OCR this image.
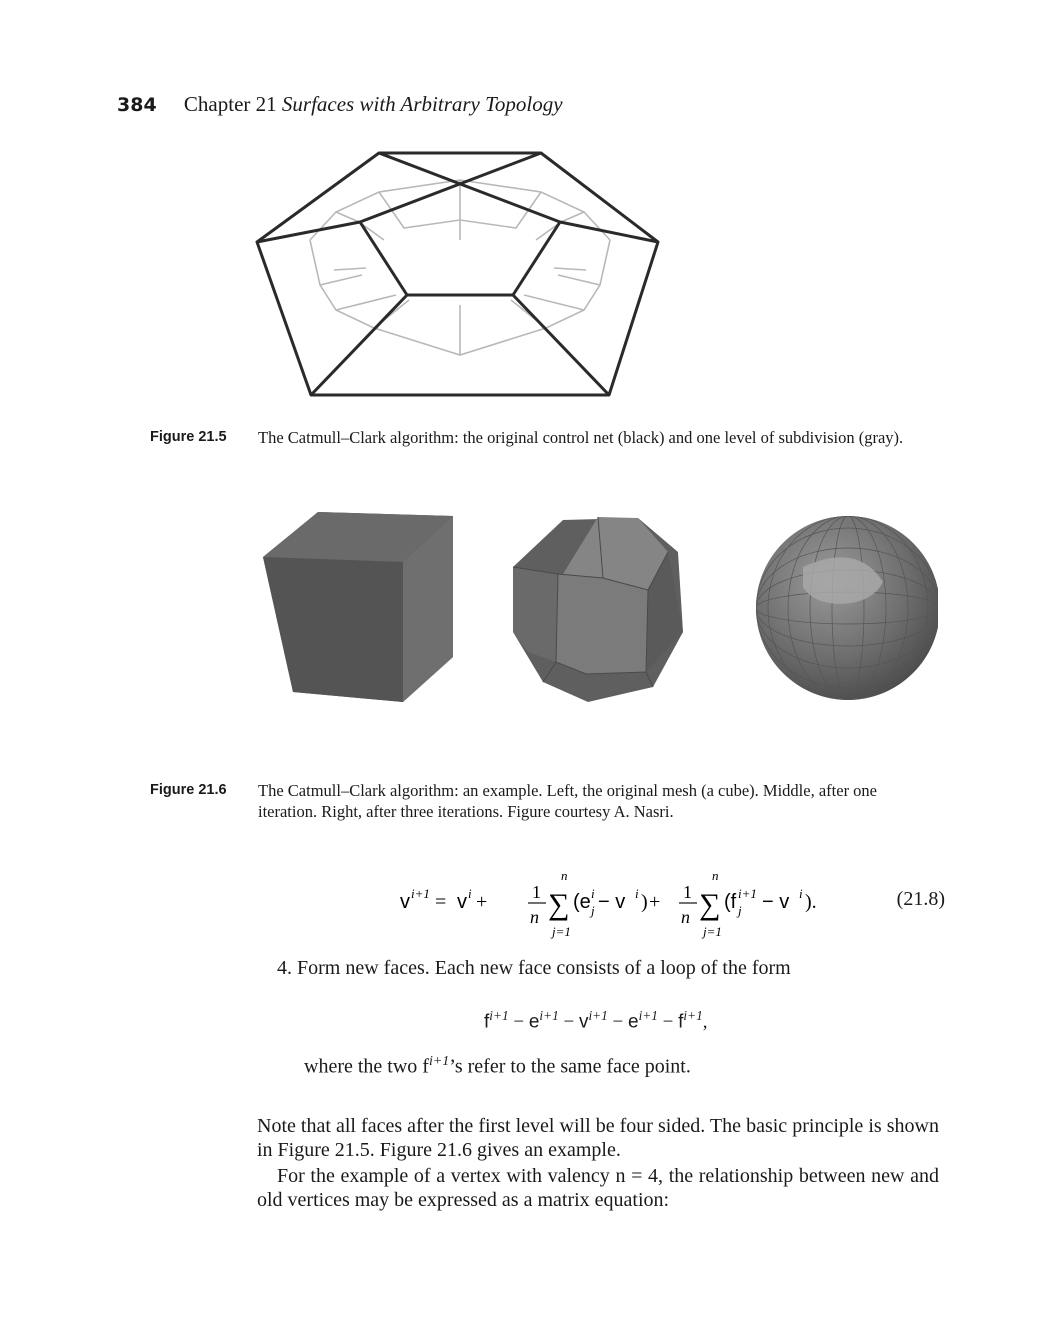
384 Chapter 21 Surfaces with Arbitrary Topology
Figure 21.5 The Catmull–Clark algorithm: the original control net (black) and one level of subdivision (gray).
Figure 21.6 The Catmull–Clark algorithm: an example. Left, the original mesh (a cube). Middle, after one iteration. Right, after three iterations. Figure courtesy A. Nasri.
v i+1 = v i + 1
n
n
∑
j=1
(e i
j − v i ) + 1
n
n
∑
j=1
(f i+1
j − v i ).	(21.8)
4. Form new faces. Each new face consists of a loop of the form
$f^{i+1} - e^{i+1} - v^{i+1} - e^{i+1} - f^{i+1}$,
where the two $f^{i+1}’s$ refer to the same face point.

Note that all faces after the first level will be four sided. The basic principle is shown in Figure 21.5. Figure 21.6 gives an example.

For the example of a vertex with valency n = 4, the relationship between new and old vertices may be expressed as a matrix equation:
